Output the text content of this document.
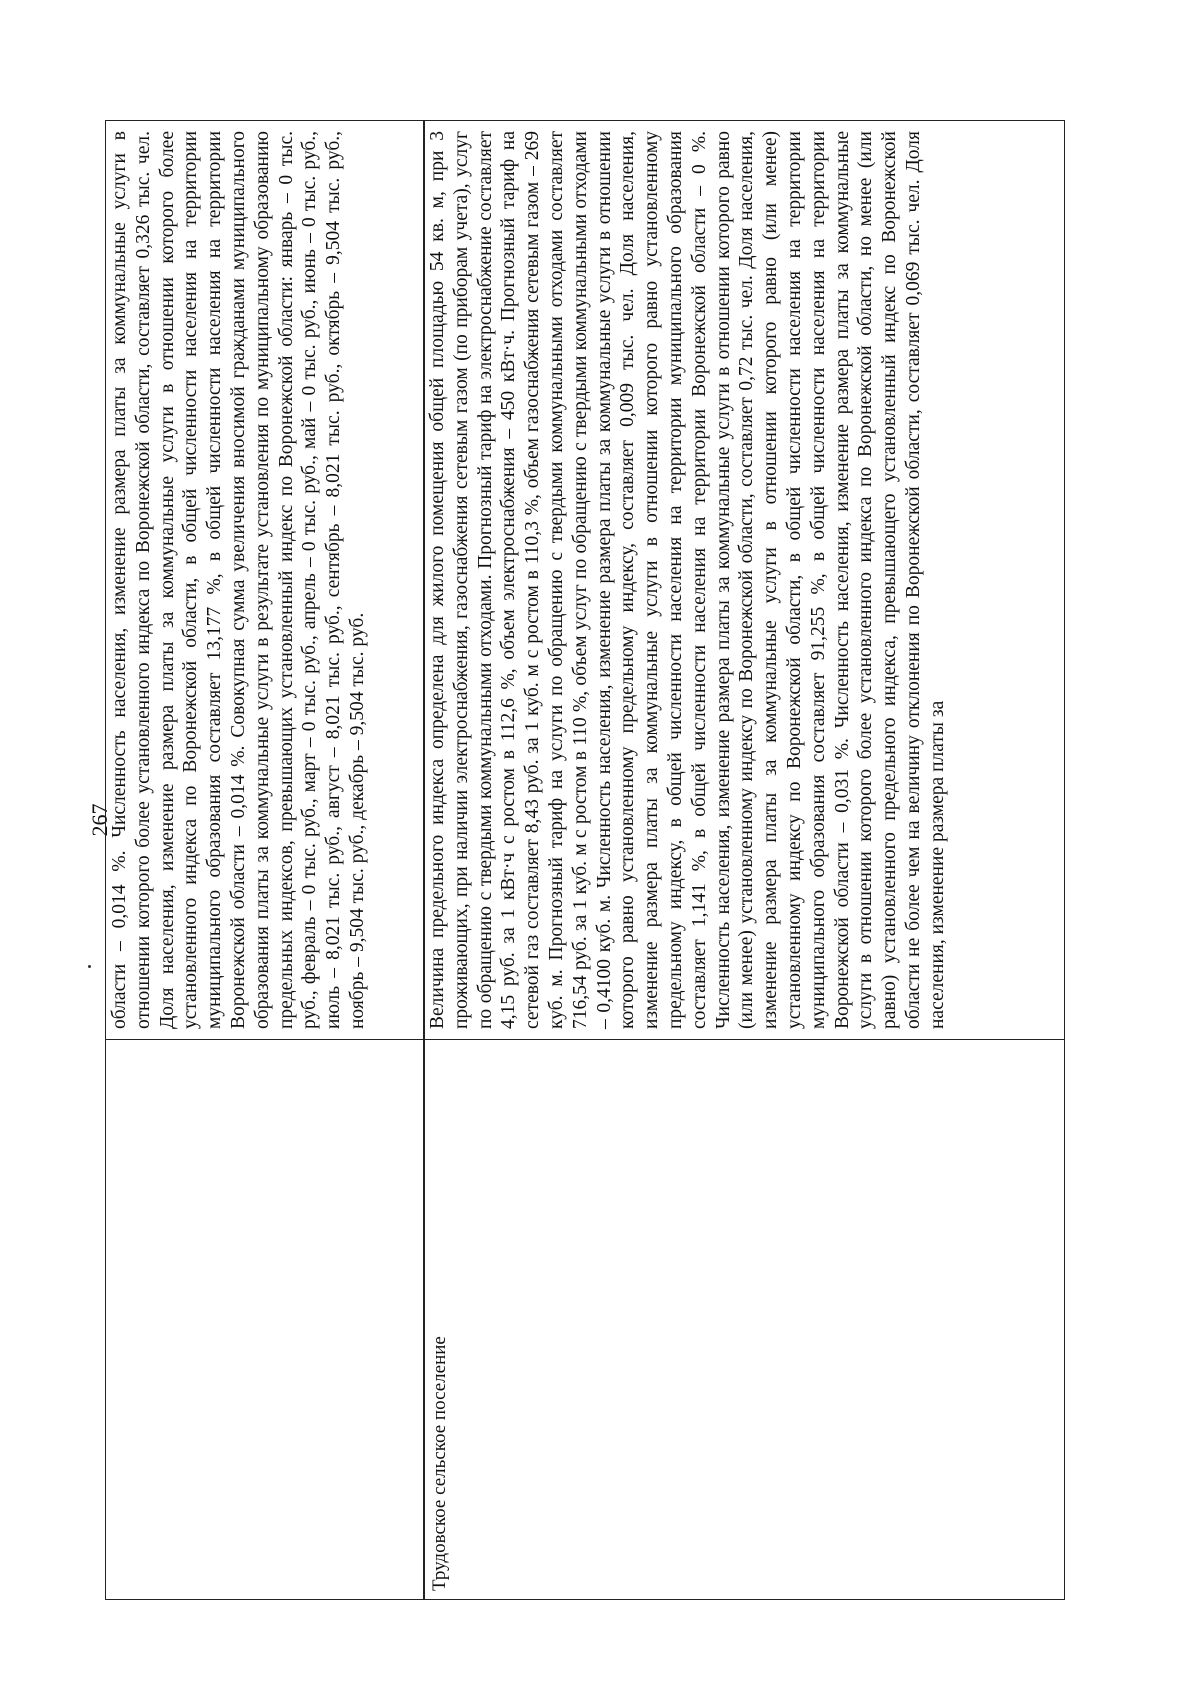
267
области – 0,014 %. Численность населения, изменение размера платы за коммунальные услуги в отношении которого более установленного индекса по Воронежской области, составляет 0,326 тыс. чел. Доля населения, изменение размера платы за коммунальные услуги в отношении которого более установленного индекса по Воронежской области, в общей численности населения на территории муниципального образования составляет 13,177 %, в общей численности населения на территории Воронежской области – 0,014 %. Совокупная сумма увеличения вносимой гражданами муниципального образования платы за коммунальные услуги в результате установления по муниципальному образованию предельных индексов, превышающих установленный индекс по Воронежской области: январь – 0 тыс. руб., февраль – 0 тыс. руб., март – 0 тыс. руб., апрель – 0 тыс. руб., май – 0 тыс. руб., июнь – 0 тыс. руб., июль – 8,021 тыс. руб., август – 8,021 тыс. руб., сентябрь – 8,021 тыс. руб., октябрь – 9,504 тыс. руб., ноябрь – 9,504 тыс. руб., декабрь – 9,504 тыс. руб.
Трудовское сельское поселение
Величина предельного индекса определена для жилого помещения общей площадью 54 кв. м, при 3 проживающих, при наличии электроснабжения, газоснабжения сетевым газом (по приборам учета), услуг по обращению с твердыми коммунальными отходами. Прогнозный тариф на электроснабжение составляет 4,15 руб. за 1 кВт·ч с ростом в 112,6 %, объем электроснабжения – 450 кВт·ч. Прогнозный тариф на сетевой газ составляет 8,43 руб. за 1 куб. м с ростом в 110,3 %, объем газоснабжения сетевым газом – 269 куб. м. Прогнозный тариф на услуги по обращению с твердыми коммунальными отходами составляет 716,54 руб. за 1 куб. м с ростом в 110 %, объем услуг по обращению с твердыми коммунальными отходами – 0,4100 куб. м. Численность населения, изменение размера платы за коммунальные услуги в отношении которого равно установленному предельному индексу, составляет 0,009 тыс. чел. Доля населения, изменение размера платы за коммунальные услуги в отношении которого равно установленному предельному индексу, в общей численности населения на территории муниципального образования составляет 1,141 %, в общей численности населения на территории Воронежской области – 0 %. Численность населения, изменение размера платы за коммунальные услуги в отношении которого равно (или менее) установленному индексу по Воронежской области, составляет 0,72 тыс. чел. Доля населения, изменение размера платы за коммунальные услуги в отношении которого равно (или менее) установленному индексу по Воронежской области, в общей численности населения на территории муниципального образования составляет 91,255 %, в общей численности населения на территории Воронежской области – 0,031 %. Численность населения, изменение размера платы за коммунальные услуги в отношении которого более установленного индекса по Воронежской области, но менее (или равно) установленного предельного индекса, превышающего установленный индекс по Воронежской области не более чем на величину отклонения по Воронежской области, составляет 0,069 тыс. чел. Доля населения, изменение размера платы за
